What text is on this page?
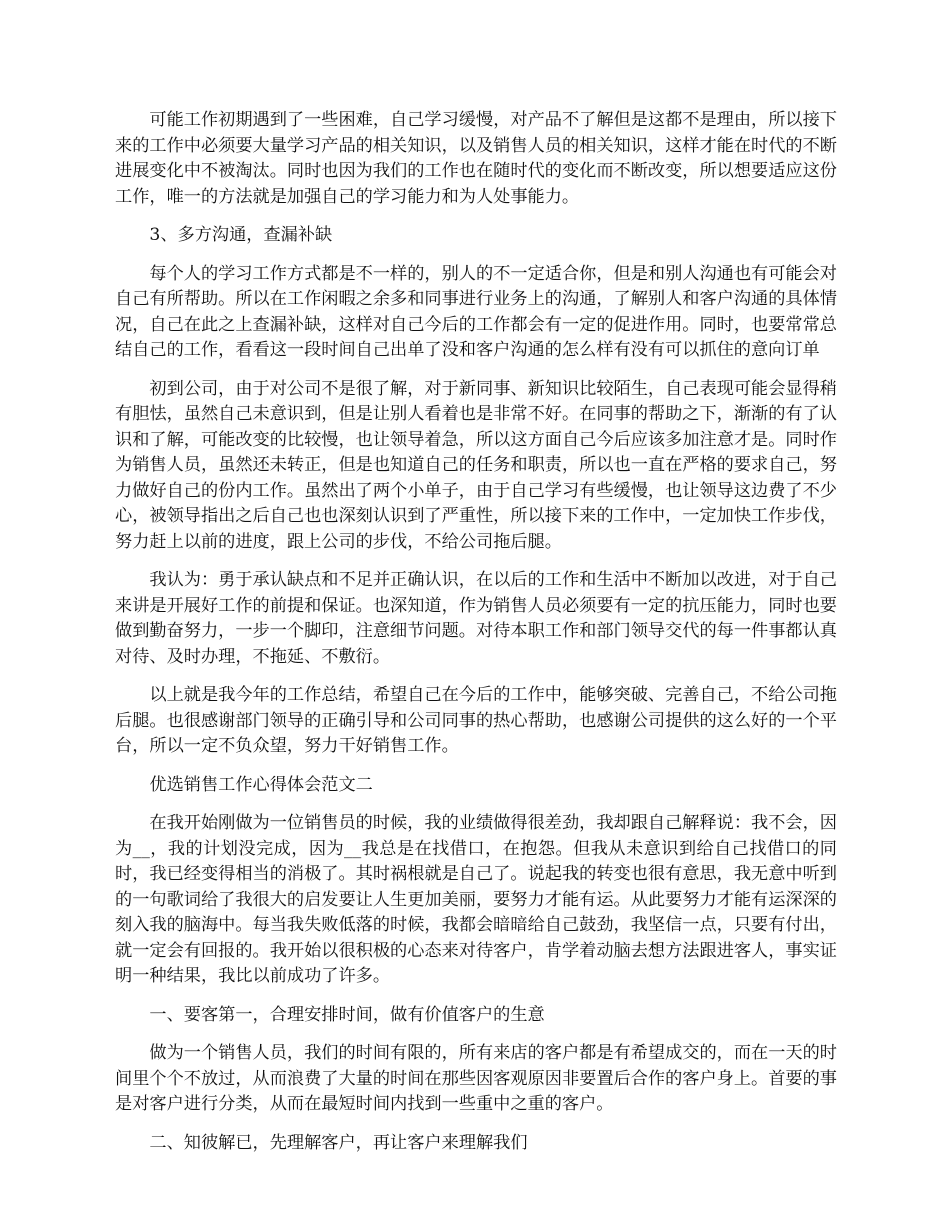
可能工作初期遇到了一些困难，自己学习缓慢，对产品不了解但是这都不是理由，所以接下来的工作中必须要大量学习产品的相关知识，以及销售人员的相关知识，这样才能在时代的不断进展变化中不被淘汰。同时也因为我们的工作也在随时代的变化而不断改变，所以想要适应这份工作，唯一的方法就是加强自己的学习能力和为人处事能力。

3、多方沟通，查漏补缺

每个人的学习工作方式都是不一样的，别人的不一定适合你，但是和别人沟通也有可能会对自己有所帮助。所以在工作闲暇之余多和同事进行业务上的沟通，了解别人和客户沟通的具体情况，自己在此之上查漏补缺，这样对自己今后的工作都会有一定的促进作用。同时，也要常常总结自己的工作，看看这一段时间自己出单了没和客户沟通的怎么样有没有可以抓住的意向订单

初到公司，由于对公司不是很了解，对于新同事、新知识比较陌生，自己表现可能会显得稍有胆怯，虽然自己未意识到，但是让别人看着也是非常不好。在同事的帮助之下，渐渐的有了认识和了解，可能改变的比较慢，也让领导着急，所以这方面自己今后应该多加注意才是。同时作为销售人员，虽然还未转正，但是也知道自己的任务和职责，所以也一直在严格的要求自己，努力做好自己的份内工作。虽然出了两个小单子，由于自己学习有些缓慢，也让领导这边费了不少心，被领导指出之后自己也也深刻认识到了严重性，所以接下来的工作中，一定加快工作步伐，努力赶上以前的进度，跟上公司的步伐，不给公司拖后腿。

我认为：勇于承认缺点和不足并正确认识，在以后的工作和生活中不断加以改进，对于自己来讲是开展好工作的前提和保证。也深知道，作为销售人员必须要有一定的抗压能力，同时也要做到勤奋努力，一步一个脚印，注意细节问题。对待本职工作和部门领导交代的每一件事都认真对待、及时办理，不拖延、不敷衍。

以上就是我今年的工作总结，希望自己在今后的工作中，能够突破、完善自己，不给公司拖后腿。也很感谢部门领导的正确引导和公司同事的热心帮助，也感谢公司提供的这么好的一个平台，所以一定不负众望，努力干好销售工作。

优选销售工作心得体会范文二

在我开始刚做为一位销售员的时候，我的业绩做得很差劲，我却跟自己解释说：我不会，因为__，我的计划没完成，因为__我总是在找借口，在抱怨。但我从未意识到给自己找借口的同时，我已经变得相当的消极了。其时祸根就是自己了。说起我的转变也很有意思，我无意中听到的一句歌词给了我很大的启发要让人生更加美丽，要努力才能有运。从此要努力才能有运深深的刻入我的脑海中。每当我失败低落的时候，我都会暗暗给自己鼓劲，我坚信一点，只要有付出，就一定会有回报的。我开始以很积极的心态来对待客户，肯学着动脑去想方法跟进客人，事实证明一种结果，我比以前成功了许多。

一、要客第一，合理安排时间，做有价值客户的生意

做为一个销售人员，我们的时间有限的，所有来店的客户都是有希望成交的，而在一天的时间里个个不放过，从而浪费了大量的时间在那些因客观原因非要置后合作的客户身上。首要的事是对客户进行分类，从而在最短时间内找到一些重中之重的客户。

二、知彼解已，先理解客户，再让客户来理解我们
